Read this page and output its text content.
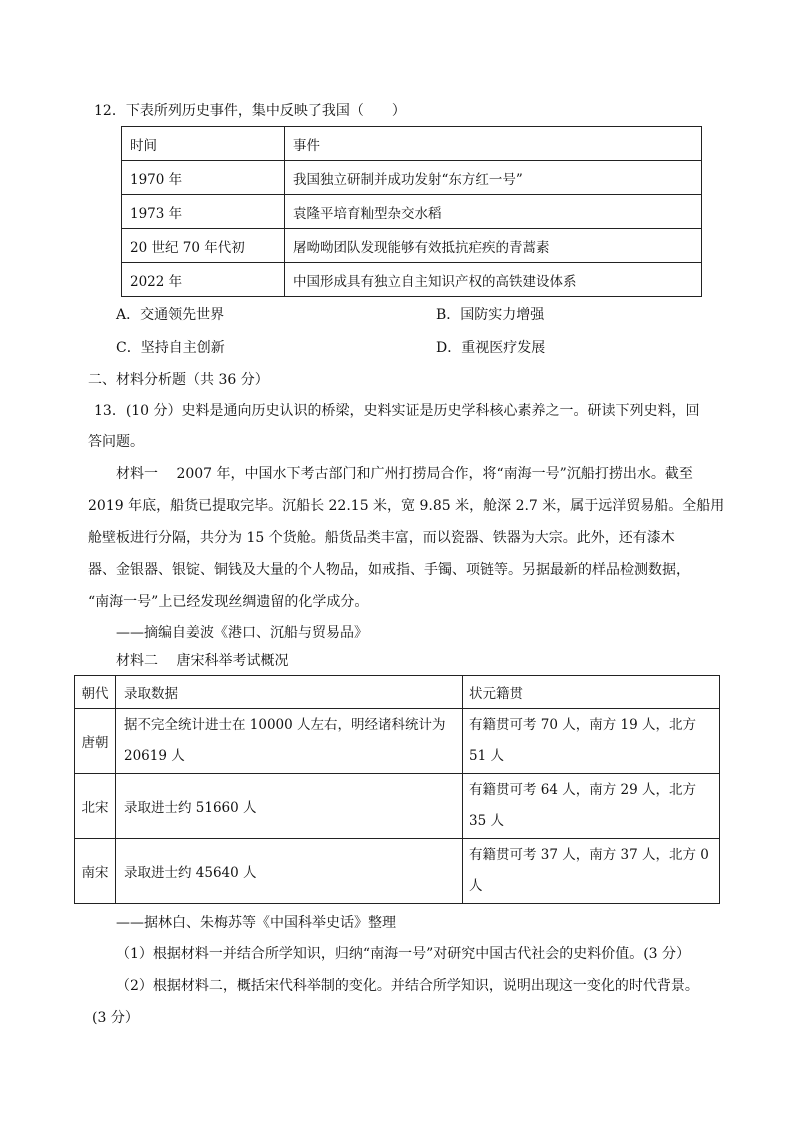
12．下表所列历史事件，集中反映了我国（　　）
时间	事件
1970 年	我国独立研制并成功发射“东方红一号”
1973 年	袁隆平培育籼型杂交水稻
20 世纪 70 年代初	屠呦呦团队发现能够有效抵抗疟疾的青蒿素
2022 年	中国形成具有独立自主知识产权的高铁建设体系
A．交通领先世界	B．国防实力增强
C．坚持自主创新	D．重视医疗发展
二、材料分析题（共 36 分）
13．(10 分）史料是通向历史认识的桥梁，史料实证是历史学科核心素养之一。研读下列史料，回
答问题。
材料一　 2007 年，中国水下考古部门和广州打捞局合作，将“南海一号”沉船打捞出水。截至
2019 年底，船货已提取完毕。沉船长 22.15 米，宽 9.85 米，舱深 2.7 米，属于远洋贸易船。全船用
舱壁板进行分隔，共分为 15 个货舱。船货品类丰富，而以瓷器、铁器为大宗。此外，还有漆木
器、金银器、银锭、铜钱及大量的个人物品，如戒指、手镯、项链等。另据最新的样品检测数据，
“南海一号”上已经发现丝绸遗留的化学成分。
——摘编自姜波《港口、沉船与贸易品》
材料二　 唐宋科举考试概况
朝代	录取数据	状元籍贯
唐朝	据不完全统计进士在 10000 人左右，明经诸科统计为 20619 人	有籍贯可考 70 人，南方 19 人，北方 51 人
北宋	录取进士约 51660 人	有籍贯可考 64 人，南方 29 人，北方 35 人
南宋	录取进士约 45640 人	有籍贯可考 37 人，南方 37 人，北方 0 人
——据林白、朱梅苏等《中国科举史话》整理
（1）根据材料一并结合所学知识，归纳“南海一号”对研究中国古代社会的史料价值。(3 分）
（2）根据材料二，概括宋代科举制的变化。并结合所学知识，说明出现这一变化的时代背景。
(3 分）
